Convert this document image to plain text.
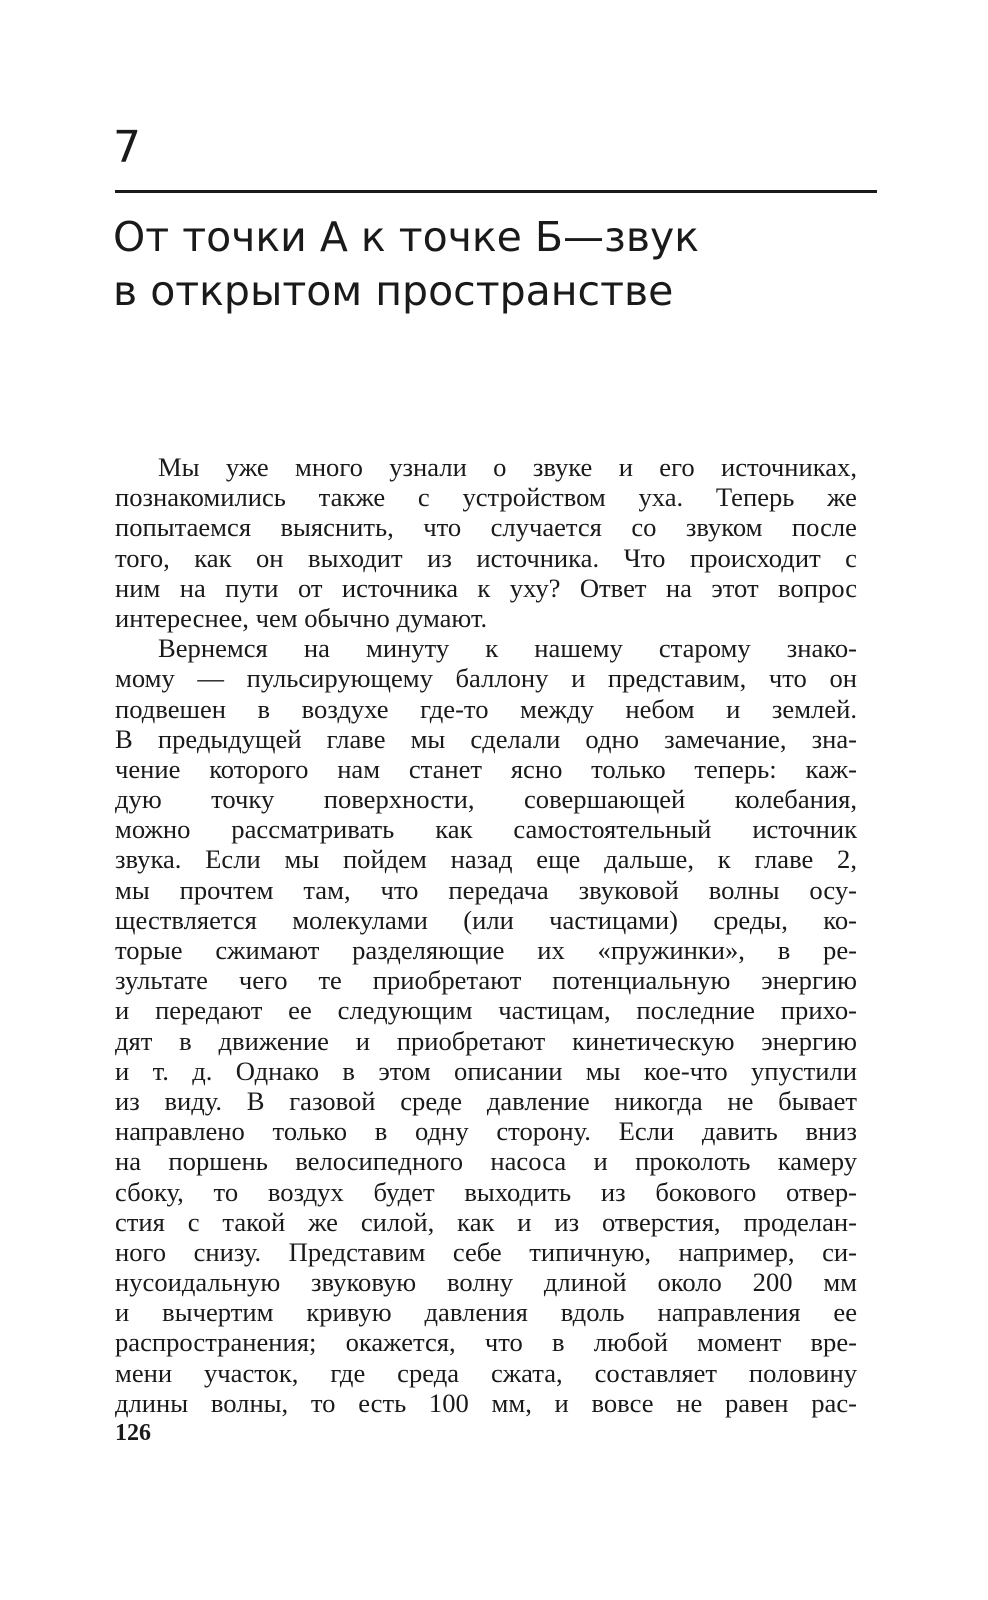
7
От точки А к точке Б—звук
в открытом пространстве
Мы уже много узнали о звуке и его источниках,
познакомились также с устройством уха. Теперь же
попытаемся выяснить, что случается со звуком после
того, как он выходит из источника. Что происходит с
ним на пути от источника к уху? Ответ на этот вопрос
интереснее, чем обычно думают.
Вернемся на минуту к нашему старому знако-
мому — пульсирующему баллону и представим, что он
подвешен в воздухе где-то между небом и землей.
В предыдущей главе мы сделали одно замечание, зна-
чение которого нам станет ясно только теперь: каж-
дую точку поверхности, совершающей колебания,
можно рассматривать как самостоятельный источник
звука. Если мы пойдем назад еще дальше, к главе 2,
мы прочтем там, что передача звуковой волны осу-
ществляется молекулами (или частицами) среды, ко-
торые сжимают разделяющие их «пружинки», в ре-
зультате чего те приобретают потенциальную энергию
и передают ее следующим частицам, последние прихо-
дят в движение и приобретают кинетическую энергию
и т. д. Однако в этом описании мы кое-что упустили
из виду. В газовой среде давление никогда не бывает
направлено только в одну сторону. Если давить вниз
на поршень велосипедного насоса и проколоть камеру
сбоку, то воздух будет выходить из бокового отвер-
стия с такой же силой, как и из отверстия, проделан-
ного снизу. Представим себе типичную, например, си-
нусоидальную звуковую волну длиной около 200 мм
и вычертим кривую давления вдоль направления ее
распространения; окажется, что в любой момент вре-
мени участок, где среда сжата, составляет половину
длины волны, то есть 100 мм, и вовсе не равен рас-
126
